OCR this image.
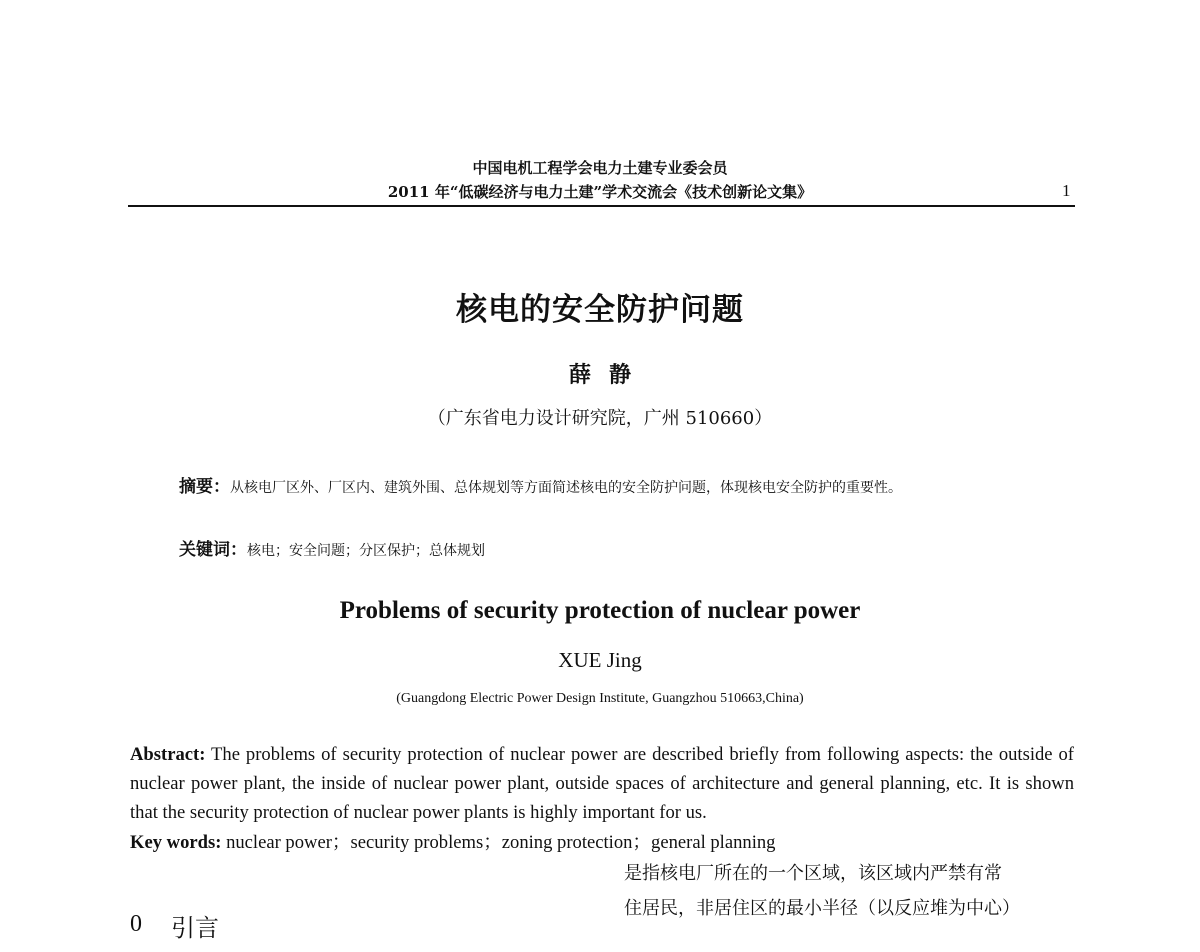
中国电机工程学会电力土建专业委会员
2011 年“低碳经济与电力土建”学术交流会《技术创新论文集》	1
核电的安全防护问题
薛静
（广东省电力设计研究院，广州 510660）
摘要：从核电厂区外、厂区内、建筑外围、总体规划等方面简述核电的安全防护问题，体现核电安全防护的重要性。
关键词：核电；安全问题；分区保护；总体规划
Problems of security protection of nuclear power
XUE Jing
(Guangdong Electric Power Design Institute, Guangzhou 510663,China)
Abstract: The problems of security protection of nuclear power are described briefly from following aspects: the outside of nuclear power plant, the inside of nuclear power plant, outside spaces of architecture and general planning, etc. It is shown that the security protection of nuclear power plants is highly important for us.
Key words: nuclear power；security problems；zoning protection；general planning
0 引言
是指核电厂所在的一个区域，该区域内严禁有常
住居民，非居住区的最小半径（以反应堆为中心）
